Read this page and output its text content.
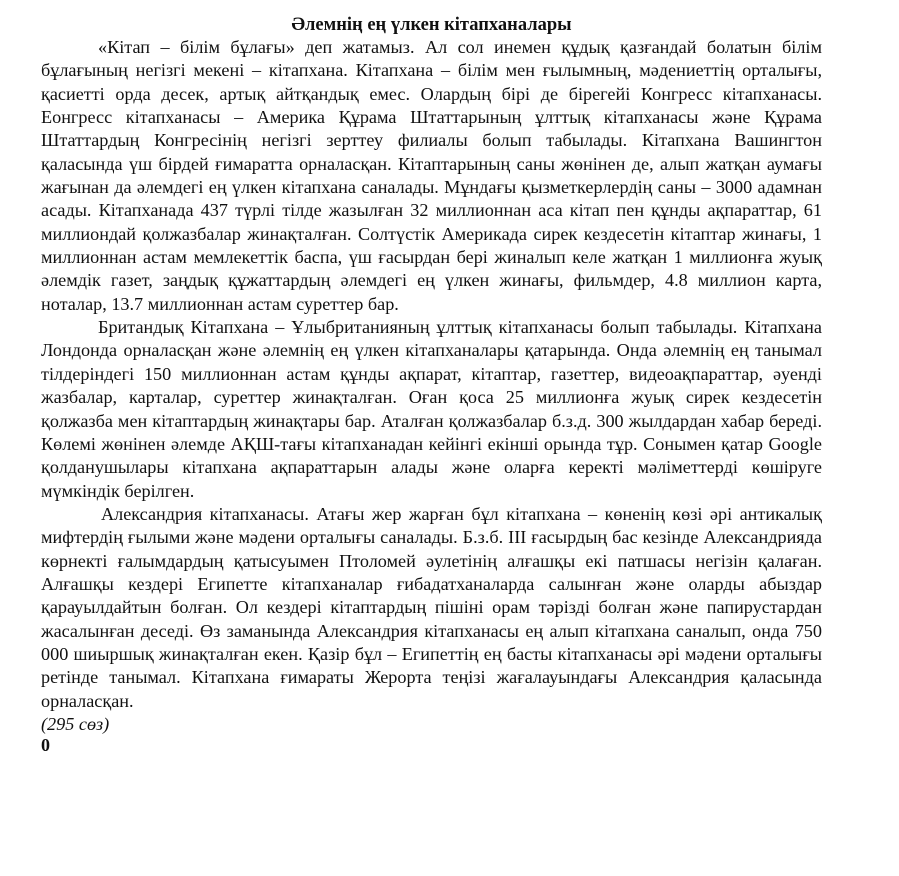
Әлемнің ең үлкен кітапханалары

«Кітап – білім бұлағы» деп жатамыз. Ал сол инемен құдық қазғандай болатын білім бұлағының негізгі мекені – кітапхана. Кітапхана – білім мен ғылымның, мәдениеттің орталығы, қасиетті орда десек, артық айтқандық емес. Олардың бірі де бірегейі Конгресс кітапханасы. Еонгресс кітапханасы – Америка Құрама Штаттарының ұлттық кітапханасы және Құрама Штаттардың Конгресінің негізгі зерттеу филиалы болып табылады. Кітапхана Вашингтон қаласында үш бірдей ғимаратта орналасқан. Кітаптарының саны жөнінен де, алып жатқан аумағы жағынан да әлемдегі ең үлкен кітапхана саналады. Мұндағы қызметкерлердің саны – 3000 адамнан асады. Кітапханада 437 түрлі тілде жазылған 32 миллионнан аса кітап пен құнды ақпараттар, 61 миллиондай қолжазбалар жинақталған. Солтүстік Америкада сирек кездесетін кітаптар жинағы, 1 миллионнан астам мемлекеттік баспа, үш ғасырдан бері жиналып келе жатқан 1 миллионға жуық әлемдік газет, заңдық құжаттардың әлемдегі ең үлкен жинағы, фильмдер, 4.8 миллион карта, ноталар, 13.7 миллионнан астам суреттер бар.

Британдық Кітапхана – Ұлыбританияның ұлттық кітапханасы болып табылады. Кітапхана Лондонда орналасқан және әлемнің ең үлкен кітапханалары қатарында. Онда әлемнің ең танымал тілдеріндегі 150 миллионнан астам құнды ақпарат, кітаптар, газеттер, видеоақпараттар, әуенді жазбалар, карталар, суреттер жинақталған. Оған қоса 25 миллионға жуық сирек кездесетін қолжазба мен кітаптардың жинақтары бар. Аталған қолжазбалар б.з.д. 300 жылдардан хабар береді. Көлемі жөнінен әлемде АҚШ-тағы кітапханадан кейінгі екінші орында тұр. Сонымен қатар Google қолданушылары кітапхана ақпараттарын алады және оларға керекті мәліметтерді көшіруге мүмкіндік берілген.

Александрия кітапханасы. Атағы жер жарған бұл кітапхана – көненің көзі әрі антикалық мифтердің ғылыми және мәдени орталығы саналады. Б.з.б. ІІІ ғасырдың бас кезінде Александрияда көрнекті ғалымдардың қатысуымен Птоломей әулетінің алғашқы екі патшасы негізін қалаған. Алғашқы кездері Египетте кітапханалар ғибадатханаларда салынған және оларды абыздар қарауылдайтын болған. Ол кездері кітаптардың пішіні орам тәрізді болған және папирустардан жасалынған деседі. Өз заманында Александрия кітапханасы ең алып кітапхана саналып, онда 750 000 шиыршық жинақталған екен. Қазір бұл – Египеттің ең басты кітапханасы әрі мәдени орталығы ретінде танымал. Кітапхана ғимараты Жерорта теңізі жағалауындағы Александрия қаласында орналасқан.

(295 сөз)

0
